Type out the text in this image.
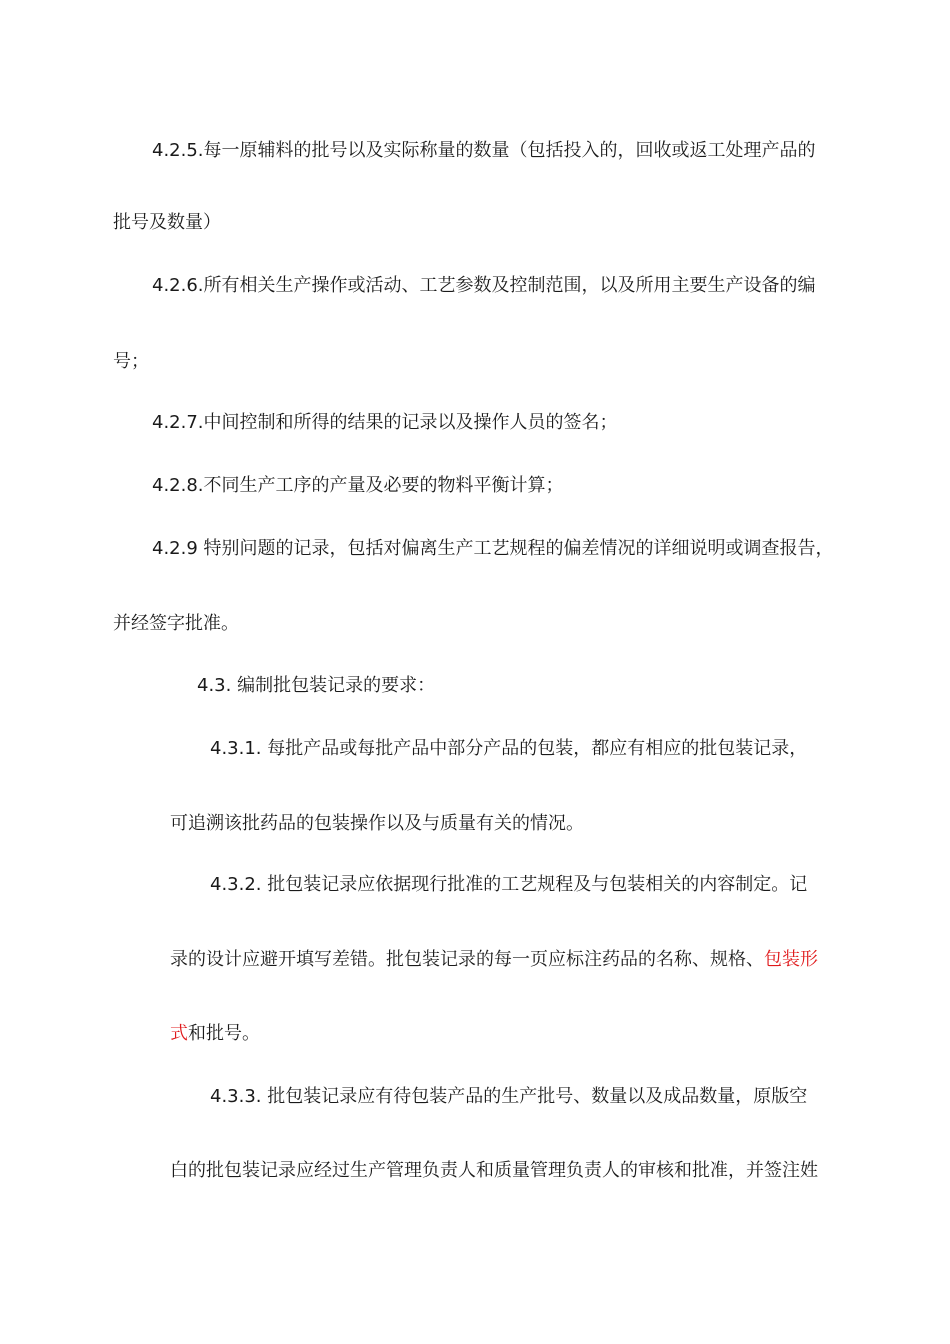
4.2.5.每一原辅料的批号以及实际称量的数量（包括投入的，回收或返工处理产品的
批号及数量）
4.2.6.所有相关生产操作或活动、工艺参数及控制范围，以及所用主要生产设备的编
号；
4.2.7.中间控制和所得的结果的记录以及操作人员的签名；
4.2.8.不同生产工序的产量及必要的物料平衡计算；
4.2.9 特别问题的记录，包括对偏离生产工艺规程的偏差情况的详细说明或调查报告，
并经签字批准。
4.3. 编制批包装记录的要求：
4.3.1. 每批产品或每批产品中部分产品的包装，都应有相应的批包装记录，
可追溯该批药品的包装操作以及与质量有关的情况。
4.3.2. 批包装记录应依据现行批准的工艺规程及与包装相关的内容制定。记
录的设计应避开填写差错。批包装记录的每一页应标注药品的名称、规格、包装形
式和批号。
4.3.3. 批包装记录应有待包装产品的生产批号、数量以及成品数量，原版空
白的批包装记录应经过生产管理负责人和质量管理负责人的审核和批准，并签注姓
